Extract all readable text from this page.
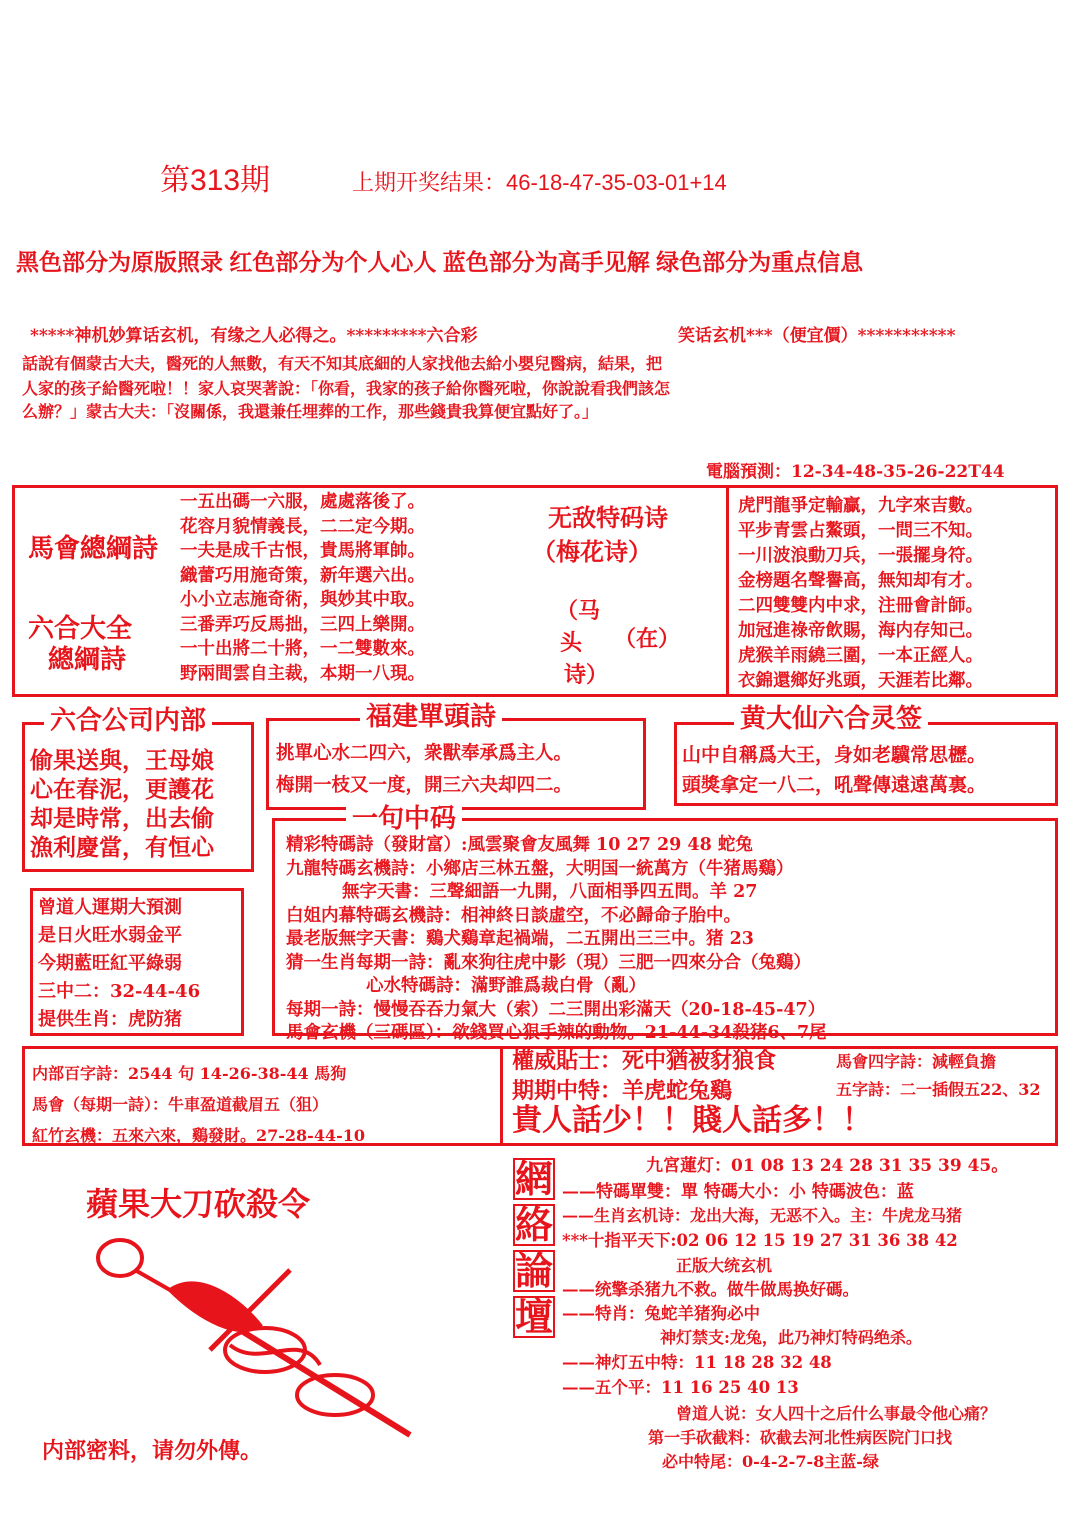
第313期	上期开奖结果：46-18-47-35-03-01+14
黑色部分为原版照录 红色部分为个人心人 蓝色部分为高手见解 绿色部分为重点信息
*****神机妙算话玄机，有缘之人必得之。*********六合彩	笑话玄机***（便宜價）***********
話說有個蒙古大夫，醫死的人無數，有天不知其底細的人家找他去給小嬰兒醫病，結果，把
人家的孩子給醫死啦！！家人哀哭著說：「你看，我家的孩子給你醫死啦，你說說看我們該怎
么辦？」蒙古大夫：「沒關係，我還兼任埋葬的工作，那些錢貴我算便宜點好了。」
電腦預測：12-34-48-35-26-22T44
馬會總綱詩
六合大全
總綱詩
一五出碼一六服，處處落後了。
花容月貌情義長，二二定今期。
一夫是成千古恨，貴馬將軍帥。
織蕾巧用施奇策，新年選六出。
小小立志施奇術，與妙其中取。
三番弄巧反馬拙，三四上樂開。
一十出將二十將，一二雙數來。
野兩間雲自主裁，本期一八現。
无敌特码诗
（梅花诗）
（马
头 （在）
诗）
虎門龍爭定輸贏，九字來吉數。
平步青雲占鰲頭，一問三不知。
一川波浪動刀兵，一張擺身符。
金榜題名聲譽高，無知却有才。
二四雙雙内中求，注冊會計師。
加冠進祿帝飲賜，海内存知己。
虎猴羊雨繞三圍，一本正經人。
衣錦還鄉好兆頭，天涯若比鄰。
六合公司内部
偷果送與，王母娘
心在春泥，更護花
却是時常，出去偷
漁利慶當，有恒心
福建單頭詩
挑單心水二四六，衆獸奉承爲主人。
梅開一枝又一度，開三六夬却四二。
黄大仙六合灵签
山中自稱爲大王，身如老驥常思櫪。
頭獎拿定一八二，吼聲傳遠遠萬裏。
曾道人運期大預測
是日火旺水弱金平
今期藍旺紅平綠弱
三中二：32-44-46
提供生肖：虎防猪
一句中码
精彩特碼詩（發財富）:風雲聚會友風舞 10 27 29 48 蛇兔
九龍特碼玄機詩：小鄉店三林五盤，大明国一統萬方（牛猪馬鷄）
無字天書：三聲細語一九開，八面相爭四五問。羊 27
白姐内幕特碼玄機詩：相神終日談虛空，不必歸命子胎中。
最老版無字天書：鷄犬鷄章起禍端，二五開出三三中。猪 23
猜一生肖每期一詩：亂來狗往虎中影（現）三肥一四來分合（兔鷄）
心水特碼詩：滿野誰爲裁白骨（亂）
每期一詩：慢慢吞吞力氣大（索）二三開出彩滿天（20-18-45-47）
馬會玄機（三碼區）：欲錢買心狠手辣的動物。21-44-34殺猪6、7尾
内部百字詩：2544 句 14-26-38-44 馬狗
馬會（每期一詩）：牛車盈道截眉五（狙）
紅竹玄機：五來六來，鷄發財。27-28-44-10
權威貼士：死中猶被豺狼食	馬會四字詩：減輕負擔
期期中特：羊虎蛇兔鷄	五字詩：二一插假五22、32
貴人話少！！賤人話多！！
蘋果大刀砍殺令
内部密料，请勿外傳。
網
絡
論
壇
九宮蓮灯：01 08 13 24 28 31 35 39 45。
——特碼單雙：單 特碼大小：小 特碼波色：蓝
——生肖玄机诗：龙出大海，无恶不入。主：牛虎龙马猪
***十指平天下:02 06 12 15 19 27 31 36 38 42
正版大统玄机
——统擎杀猪九不救。做牛做馬换好碼。
——特肖：兔蛇羊猪狗必中
神灯禁支:龙兔，此乃神灯特码绝杀。
——神灯五中特：11 18 28 32 48
——五个平：11 16 25 40 13
曾道人说：女人四十之后什么事最令他心痛？
第一手砍截料：砍截去河北性病医院门口找
必中特尾：0-4-2-7-8主蓝-绿
